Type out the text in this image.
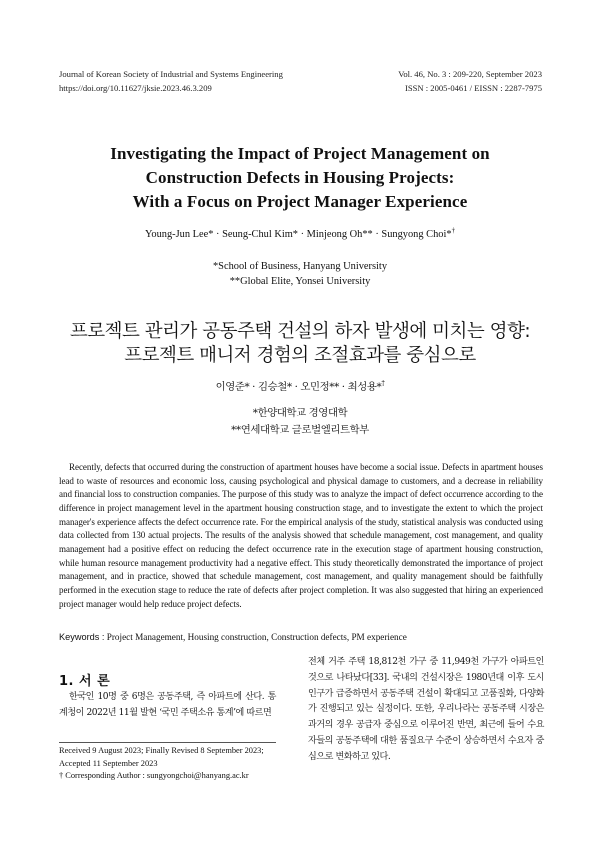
Journal of Korean Society of Industrial and Systems Engineering
https://doi.org/10.11627/jksie.2023.46.3.209
Vol. 46, No. 3 : 209-220, September 2023
ISSN : 2005-0461 / EISSN : 2287-7975
Investigating the Impact of Project Management on
Construction Defects in Housing Projects:
With a Focus on Project Manager Experience
Young-Jun Lee* · Seung-Chul Kim* · Minjeong Oh** · Sungyong Choi*†
*School of Business, Hanyang University
**Global Elite, Yonsei University
프로젝트 관리가 공동주택 건설의 하자 발생에 미치는 영향:
프로젝트 매니저 경험의 조절효과를 중심으로
이영준* · 김승철* · 오민정** · 최성용*†
*한양대학교 경영대학
**연세대학교 글로벌엘리트학부
Recently, defects that occurred during the construction of apartment houses have become a social issue. Defects in apartment houses lead to waste of resources and economic loss, causing psychological and physical damage to customers, and a decrease in reliability and financial loss to construction companies. The purpose of this study was to analyze the impact of defect occurrence according to the difference in project management level in the apartment housing construction stage, and to investigate the extent to which the project manager's experience affects the defect occurrence rate. For the empirical analysis of the study, statistical analysis was conducted using data collected from 130 actual projects. The results of the analysis showed that schedule management, cost management, and quality management had a positive effect on reducing the defect occurrence rate in the execution stage of apartment housing construction, while human resource management productivity had a negative effect. This study theoretically demonstrated the importance of project management, and in practice, showed that schedule management, cost management, and quality management should be faithfully performed in the execution stage to reduce the rate of defects after project completion. It was also suggested that hiring an experienced project manager would help reduce project defects.
Keywords : Project Management, Housing construction, Construction defects, PM experience
1. 서 론
한국인 10명 중 6명은 공동주택, 즉 아파트에 산다. 통계청이 2022년 11월 발현 ‘국민 주택소유 통계’에 따르면
전체 거주 주택 18,812천 가구 중 11,949천 가구가 아파트인 것으로 나타났다[33]. 국내의 건설시장은 1980년대 이후 도시인구가 급증하면서 공동주택 건설이 확대되고 고품질화, 다양화가 진행되고 있는 실정이다. 또한, 우리나라는 공동주택 시장은 과거의 경우 공급자 중심으로 이루어진 반면, 최근에 들어 수요자들의 공동주택에 대한 품질요구 수준이 상승하면서 수요자 중심으로 변화하고 있다.
Received 9 August 2023; Finally Revised 8 September 2023;
Accepted 11 September 2023
† Corresponding Author : sungyongchoi@hanyang.ac.kr
